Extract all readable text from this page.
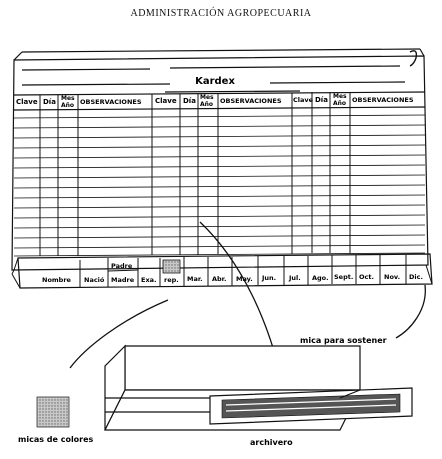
ADMINISTRACIÓN AGROPECUARIA
Kardex
Clave Día Mes
Año OBSERVACIONES Clave Día Mes
Año OBSERVACIONES Clave Día Mes
Año OBSERVACIONES
Nombre Nació
Padre
Madre Exa. rep. Mar. Abr. May. Jun. Jul. Ago. Sept. Oct. Nov. Dic.
mica para sostener
micas de colores	archivero
